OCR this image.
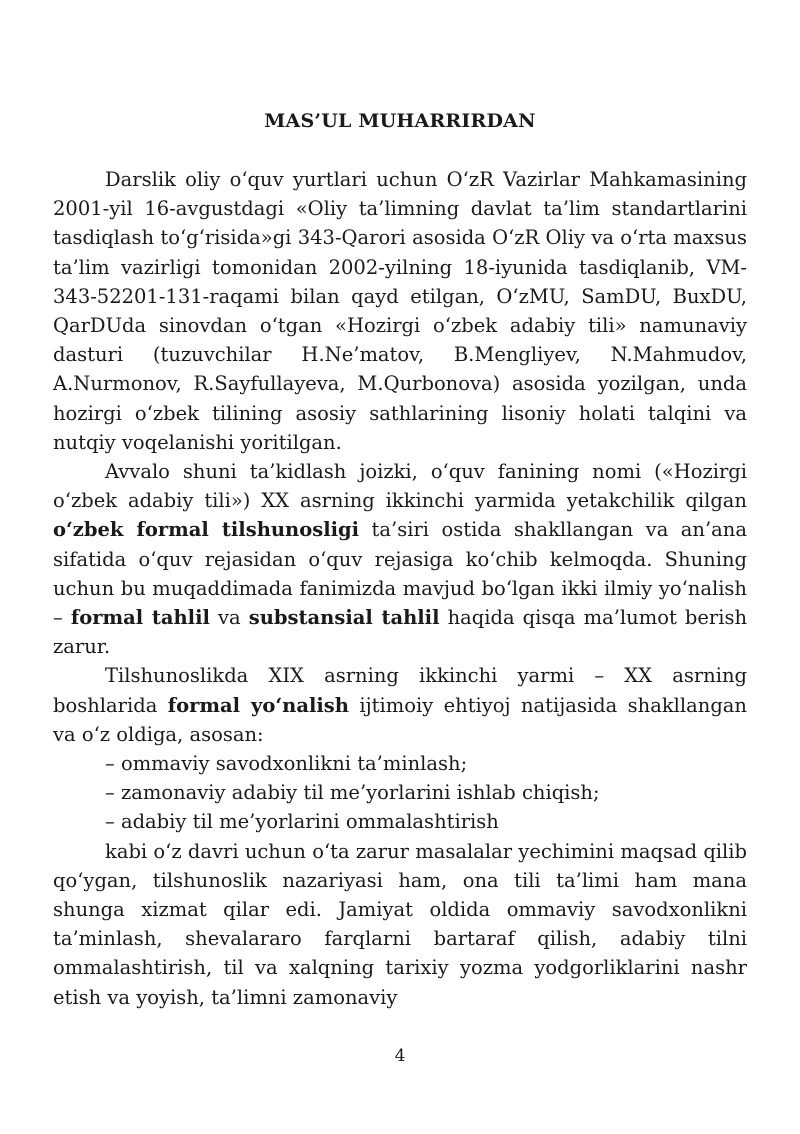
MAS’UL MUHARRIRDAN

Darslik oliy o‘quv yurtlari uchun O‘zR Vazirlar Mahkamasining 2001-yil 16-avgustdagi «Oliy ta’limning davlat ta’lim standartlarini tasdiqlash to‘g‘risida»gi 343-Qarori asosida O‘zR Oliy va o‘rta maxsus ta’lim vazirligi tomonidan 2002-yilning 18-iyunida tasdiqlanib, VM-343-52201-131-raqami bilan qayd etilgan, O‘zMU, SamDU, BuxDU, QarDUda sinovdan o‘tgan «Hozirgi o‘zbek adabiy tili» namunaviy dasturi (tuzuvchilar H.Ne’matov, B.Mengliyev, N.Mahmudov, A.Nurmonov, R.Sayfullayeva, M.Qurbonova) asosida yozilgan, unda hozirgi o‘zbek tilining asosiy sathlarining lisoniy holati talqini va nutqiy voqelanishi yoritilgan.

Avvalo shuni ta’kidlash joizki, o‘quv fanining nomi («Hozirgi o‘zbek adabiy tili») XX asrning ikkinchi yarmida yetakchilik qilgan o‘zbek formal tilshunosligi ta’siri ostida shakllangan va an’ana sifatida o‘quv rejasidan o‘quv rejasiga ko‘chib kelmoqda. Shuning uchun bu muqaddimada fanimizda mavjud bo‘lgan ikki ilmiy yo‘nalish – formal tahlil va substansial tahlil haqida qisqa ma’lumot berish zarur.

Tilshunoslikda XIX asrning ikkinchi yarmi – XX asrning boshlarida formal yo‘nalish ijtimoiy ehtiyoj natijasida shakllangan va o‘z oldiga, asosan:

– ommaviy savodxonlikni ta’minlash;

– zamonaviy adabiy til me’yorlarini ishlab chiqish;

– adabiy til me’yorlarini ommalashtirish

kabi o‘z davri uchun o‘ta zarur masalalar yechimini maqsad qilib qo‘ygan, tilshunoslik nazariyasi ham, ona tili ta’limi ham mana shunga xizmat qilar edi. Jamiyat oldida ommaviy savodxonlikni ta’minlash, shevalararo farqlarni bartaraf qilish, adabiy tilni ommalashtirish, til va xalqning tarixiy yozma yodgorliklarini nashr etish va yoyish, ta’limni zamonaviy

4
